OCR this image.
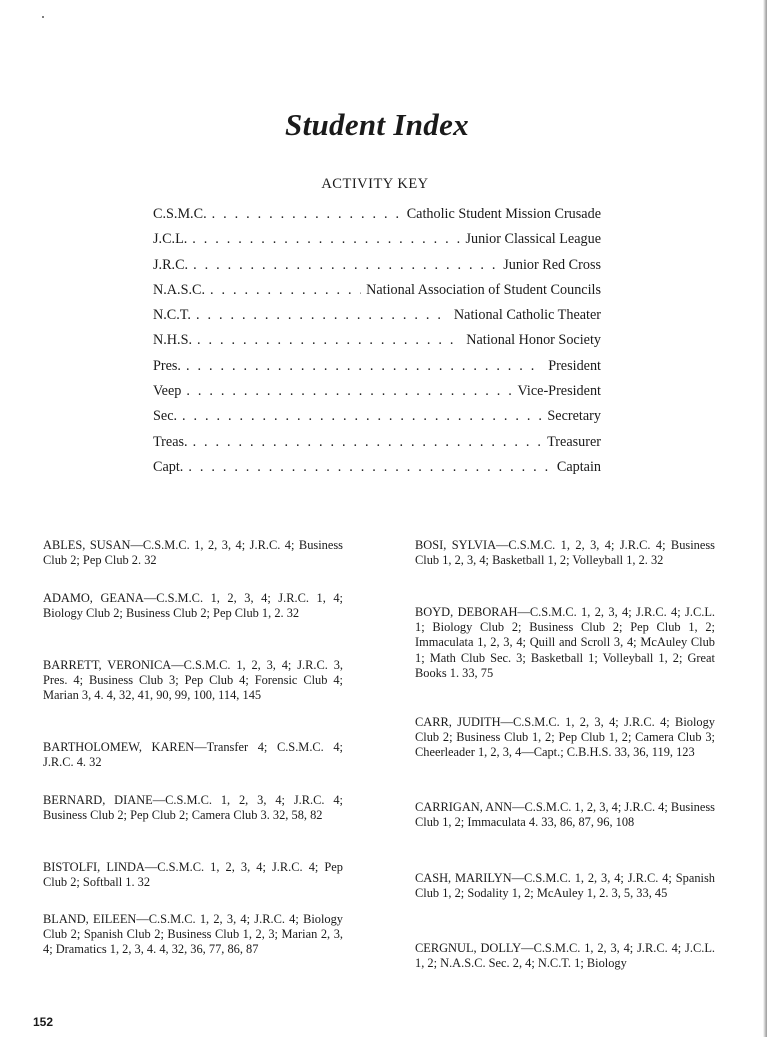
Student Index
ACTIVITY KEY
C.S.M.C. . . .	Catholic Student Mission Crusade
J.C.L. . . .	Junior Classical League
J.R.C. . . .	Junior Red Cross
N.A.S.C. . . .	National Association of Student Councils
N.C.T. . . .	National Catholic Theater
N.H.S. . . .	National Honor Society
Pres. . . .	President
Veep . . .	Vice-President
Sec. . . .	Secretary
Treas. . . .	Treasurer
Capt. . . .	Captain

ABLES, SUSAN—C.S.M.C. 1, 2, 3, 4; J.R.C. 4; Business Club 2; Pep Club 2. 32

ADAMO, GEANA—C.S.M.C. 1, 2, 3, 4; J.R.C. 1, 4; Biology Club 2; Business Club 2; Pep Club 1, 2. 32

BARRETT, VERONICA—C.S.M.C. 1, 2, 3, 4; J.R.C. 3, Pres. 4; Business Club 3; Pep Club 4; Forensic Club 4; Marian 3, 4. 4, 32, 41, 90, 99, 100, 114, 145

BARTHOLOMEW, KAREN—Transfer 4; C.S.M.C. 4; J.R.C. 4. 32

BERNARD, DIANE—C.S.M.C. 1, 2, 3, 4; J.R.C. 4; Business Club 2; Pep Club 2; Camera Club 3. 32, 58, 82

BISTOLFI, LINDA—C.S.M.C. 1, 2, 3, 4; J.R.C. 4; Pep Club 2; Softball 1. 32

BLAND, EILEEN—C.S.M.C. 1, 2, 3, 4; J.R.C. 4; Biology Club 2; Spanish Club 2; Business Club 1, 2, 3; Marian 2, 3, 4; Dramatics 1, 2, 3, 4. 4, 32, 36, 77, 86, 87

BOSI, SYLVIA—C.S.M.C. 1, 2, 3, 4; J.R.C. 4; Business Club 1, 2, 3, 4; Basketball 1, 2; Volleyball 1, 2. 32

BOYD, DEBORAH—C.S.M.C. 1, 2, 3, 4; J.R.C. 4; J.C.L. 1; Biology Club 2; Business Club 2; Pep Club 1, 2; Immaculata 1, 2, 3, 4; Quill and Scroll 3, 4; McAuley Club 1; Math Club Sec. 3; Basketball 1; Volleyball 1, 2; Great Books 1. 33, 75

CARR, JUDITH—C.S.M.C. 1, 2, 3, 4; J.R.C. 4; Biology Club 2; Business Club 1, 2; Pep Club 1, 2; Camera Club 3; Cheerleader 1, 2, 3, 4—Capt.; C.B.H.S. 33, 36, 119, 123

CARRIGAN, ANN—C.S.M.C. 1, 2, 3, 4; J.R.C. 4; Business Club 1, 2; Immaculata 4. 33, 86, 87, 96, 108

CASH, MARILYN—C.S.M.C. 1, 2, 3, 4; J.R.C. 4; Spanish Club 1, 2; Sodality 1, 2; McAuley 1, 2. 3, 5, 33, 45

CERGNUL, DOLLY—C.S.M.C. 1, 2, 3, 4; J.R.C. 4; J.C.L. 1, 2; N.A.S.C. Sec. 2, 4; N.C.T. 1; Biology

152
